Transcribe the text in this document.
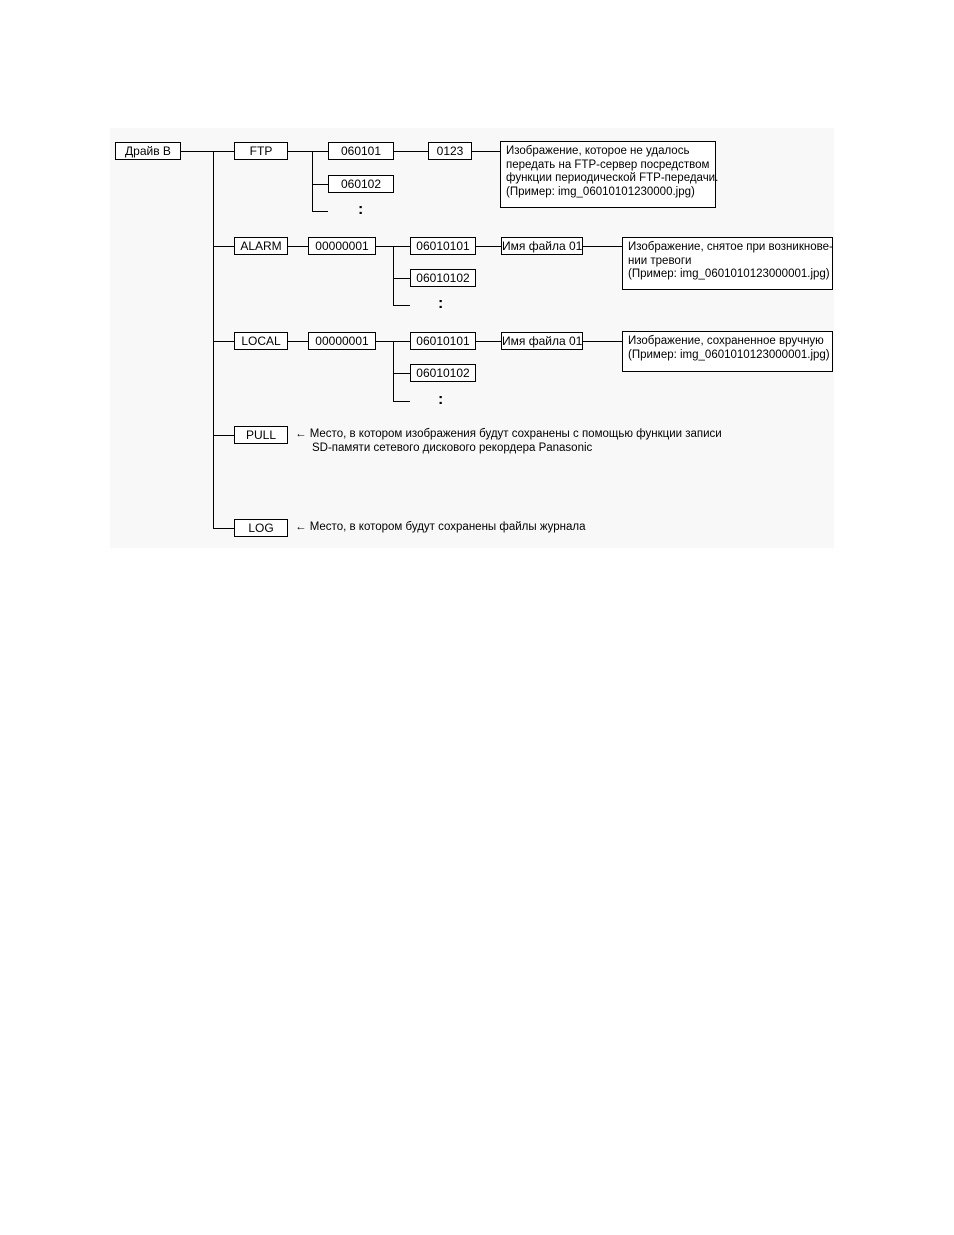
Драйв B	FTP	060101	0123	Изображение, которое не удалось
передать на FTP-сервер посредством
функции периодической FTP-передачи.
(Пример: img_06010101230000.jpg)
060102
:
ALARM	00000001	06010101	Имя файла 01	Изображение, снятое при возникнове-
нии тревоги
(Пример: img_0601010123000001.jpg)
06010102
:
LOCAL	00000001	06010101	Имя файла 01	Изображение, сохраненное вручную
(Пример: img_0601010123000001.jpg)
06010102
:
PULL	← Место, в котором изображения будут сохранены с помощью функции записи
SD-памяти сетевого дискового рекордера Panasonic
LOG	← Место, в котором будут сохранены файлы журнала
